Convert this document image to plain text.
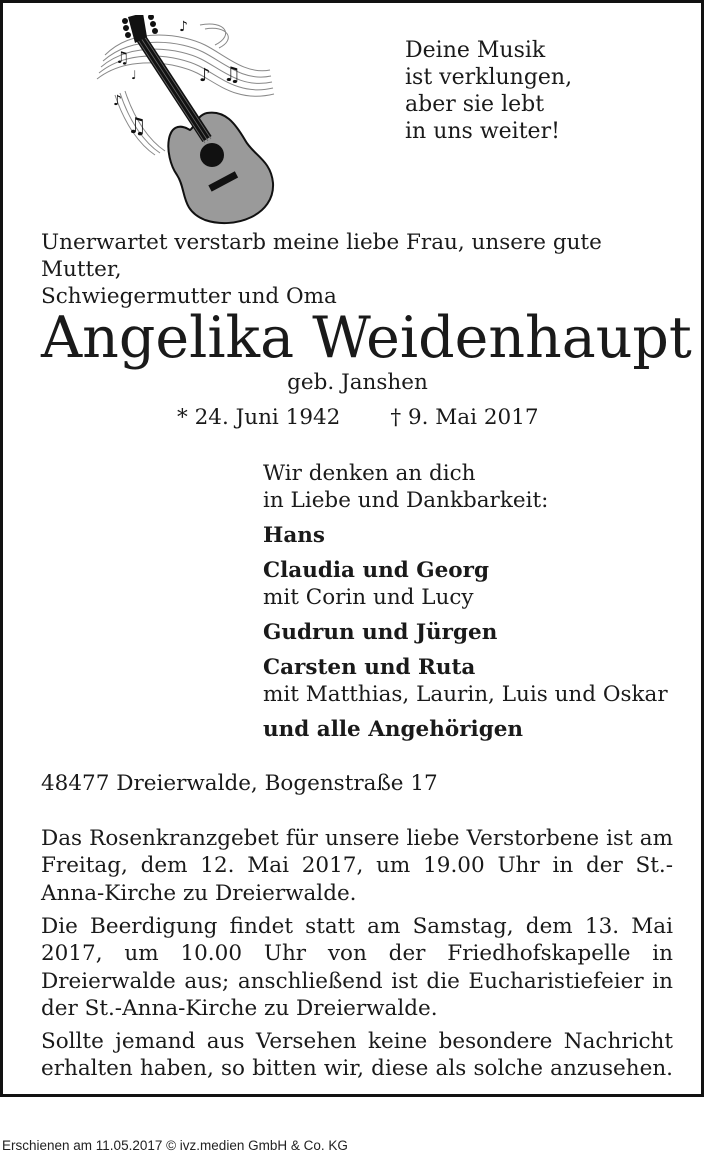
♫
♩
♪
♪ ♫
♪
♫
Deine Musik
ist verklungen,
aber sie lebt
in uns weiter!
Unerwartet verstarb meine liebe Frau, unsere gute Mutter,
Schwiegermutter und Oma
Angelika Weidenhaupt
geb. Janshen
* 24. Juni 1942 † 9. Mai 2017
Wir denken an dich
in Liebe und Dankbarkeit:
Hans
Claudia und Georg
mit Corin und Lucy
Gudrun und Jürgen
Carsten und Ruta
mit Matthias, Laurin, Luis und Oskar
und alle Angehörigen
48477 Dreierwalde, Bogenstraße 17
Das Rosenkranzgebet für unsere liebe Verstorbene ist am Freitag, dem 12. Mai 2017, um 19.00 Uhr in der St.-Anna-Kirche zu Dreierwalde.
Die Beerdigung findet statt am Samstag, dem 13. Mai 2017, um 10.00 Uhr von der Friedhofskapelle in Dreierwalde aus; anschließend ist die Eucharistiefeier in der St.-Anna-Kirche zu Dreierwalde.
Sollte jemand aus Versehen keine besondere Nachricht
erhalten haben, so bitten wir, diese als solche anzusehen.
Erschienen am 11.05.2017 © ivz.medien GmbH & Co. KG
